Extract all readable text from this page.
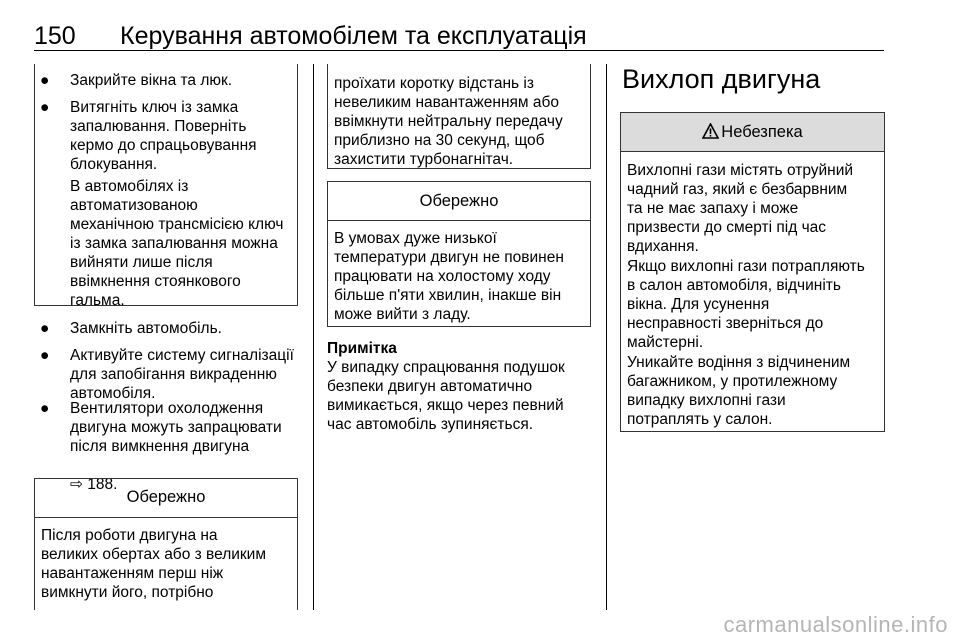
150 Керування автомобілем та експлуатація
● Закрийте вікна та люк.
● Витягніть ключ із замка
запалювання. Поверніть
кермо до спрацьовування
блокування.
В автомобілях із
автоматизованою
механічною трансмісією ключ
із замка запалювання можна
вийняти лише після
ввімкнення стоянкового
гальма.
● Замкніть автомобіль.
● Активуйте систему сигналізації
для запобігання викраденню
автомобіля.
● Вентилятори охолодження
двигуна можуть запрацювати
після вимкнення двигуна

⇨ 188.

Обережно
Після роботи двигуна на
великих обертах або з великим
навантаженням перш ніж
вимкнути його, потрібно
проїхати коротку відстань із
невеликим навантаженням або
ввімкнути нейтральну передачу
приблизно на 30 секунд, щоб
захистити турбонагнітач.
Обережно
В умовах дуже низької
температури двигун не повинен
працювати на холостому ходу
більше п'яти хвилин, інакше він
може вийти з ладу.
Примітка
У випадку спрацювання подушок
безпеки двигун автоматично
вимикається, якщо через певний
час автомобіль зупиняється.
Вихлоп двигуна
Небезпека
Вихлопні гази містять отруйний
чадний газ, який є безбарвним
та не має запаху і може
призвести до смерті під час
вдихання.
Якщо вихлопні гази потрапляють
в салон автомобіля, відчиніть
вікна. Для усунення
несправності зверніться до
майстерні.
Уникайте водіння з відчиненим
багажником, у протилежному
випадку вихлопні гази
потраплять у салон.
carmanualsonline.info
